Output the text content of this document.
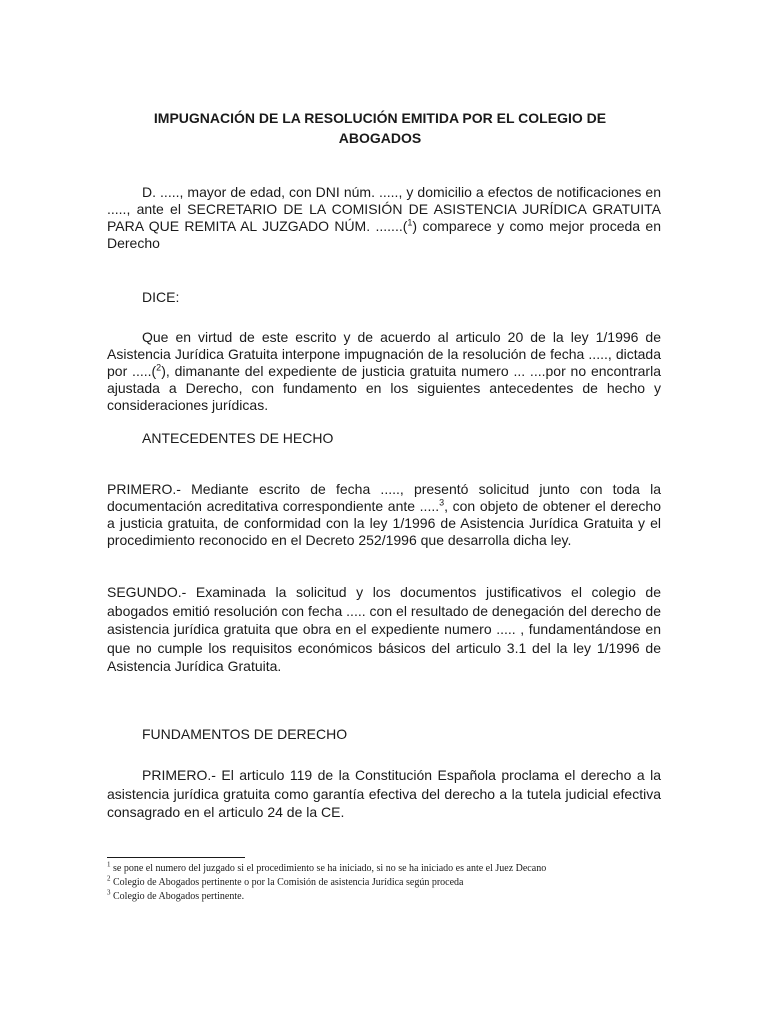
IMPUGNACIÓN DE LA RESOLUCIÓN EMITIDA POR EL COLEGIO DE
ABOGADOS
D. ....., mayor de edad, con DNI núm. ....., y domicilio a efectos de notificaciones en ....., ante el SECRETARIO DE LA COMISIÓN DE ASISTENCIA JURÍDICA GRATUITA PARA QUE REMITA AL JUZGADO NÚM. .......($^1$) comparece y como mejor proceda en Derecho
DICE:
Que en virtud de este escrito y de acuerdo al articulo 20 de la ley 1/1996 de Asistencia Jurídica Gratuita interpone impugnación de la resolución de fecha ....., dictada por .....($^2$), dimanante del expediente de justicia gratuita numero ... ....por no encontrarla ajustada a Derecho, con fundamento en los siguientes antecedentes de hecho y consideraciones jurídicas.
ANTECEDENTES DE HECHO
PRIMERO.- Mediante escrito de fecha ....., presentó solicitud junto con toda la documentación acreditativa correspondiente ante .....$^3$, con objeto de obtener el derecho a justicia gratuita, de conformidad con la ley 1/1996 de Asistencia Jurídica Gratuita y el procedimiento reconocido en el Decreto 252/1996 que desarrolla dicha ley.
SEGUNDO.- Examinada la solicitud y los documentos justificativos el colegio de abogados emitió resolución con fecha ..... con el resultado de denegación del derecho de asistencia jurídica gratuita que obra en el expediente numero ..... , fundamentándose en que no cumple los requisitos económicos básicos del articulo 3.1 del la ley 1/1996 de Asistencia Jurídica Gratuita.
FUNDAMENTOS DE DERECHO
PRIMERO.- El articulo 119 de la Constitución Española proclama el derecho a la asistencia jurídica gratuita como garantía efectiva del derecho a la tutela judicial efectiva consagrado en el articulo 24 de la CE.
$^1$ se pone el numero del juzgado si el procedimiento se ha iniciado, si no se ha iniciado es ante el Juez Decano
$^2$ Colegio de Abogados pertinente o por la Comisión de asistencia Jurídica según proceda
$^3$ Colegio de Abogados pertinente.
